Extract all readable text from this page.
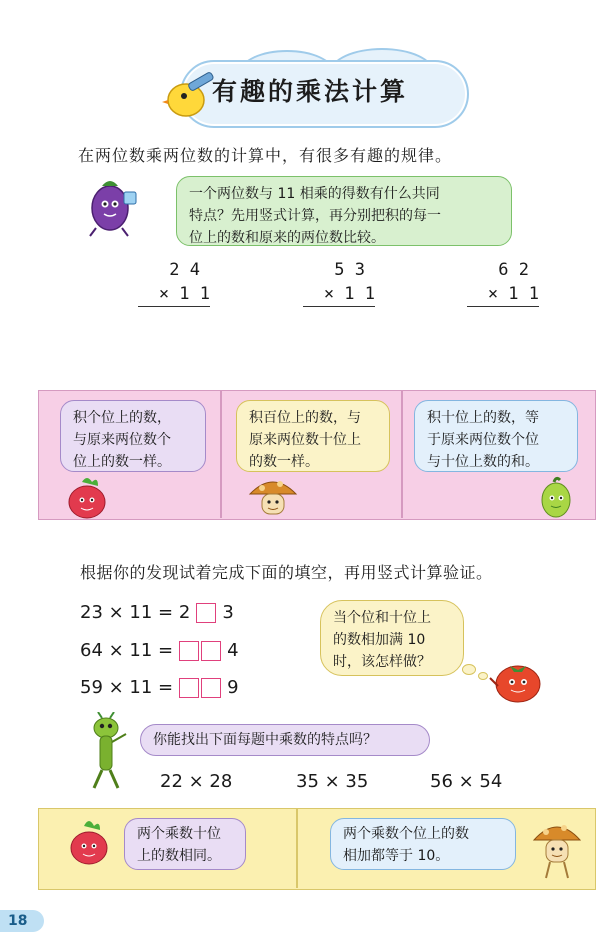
有趣的乘法计算
在两位数乘两位数的计算中，有很多有趣的规律。
一个两位数与 11 相乘的得数有什么共同
特点？先用竖式计算，再分别把积的每一
位上的数和原来的两位数比较。
2 4
× 1 1
5 3
× 1 1
6 2
× 1 1
积个位上的数，
与原来两位数个
位上的数一样。
积百位上的数，与
原来两位数十位上
的数一样。
积十位上的数，等
于原来两位数个位
与十位上数的和。
根据你的发现试着完成下面的填空，再用竖式计算验证。
23 × 11 = 2 3
64 × 11 =	4
59 × 11 =	9
当个位和十位上
的数相加满 10
时，该怎样做？
你能找出下面每题中乘数的特点吗？
22 × 28	35 × 35	56 × 54
两个乘数十位
上的数相同。
两个乘数个位上的数
相加都等于 10。
18
